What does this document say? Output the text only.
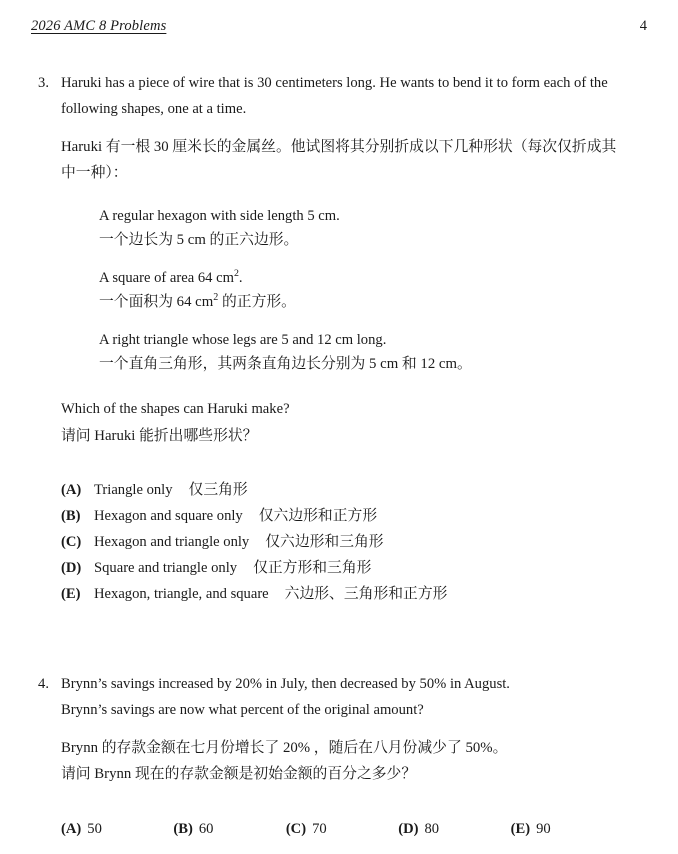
2026 AMC 8 Problems	4
3. Haruki has a piece of wire that is 30 centimeters long. He wants to bend it to form each of the following shapes, one at a time.

Haruki 有一根 30 厘米长的金属丝。他试图将其分别折成以下几种形状（每次仅折成其中一种）：

A regular hexagon with side length 5 cm.
一个边长为 5 cm 的正六边形。
A square of area 64 $cm^2$.
一个面积为 64 $cm^2$ 的正方形。
A right triangle whose legs are 5 and 12 cm long.
一个直角三角形，其两条直角边长分别为 5 cm 和 12 cm。
Which of the shapes can Haruki make?
请问 Haruki 能折出哪些形状？
(A) Triangle only 仅三角形
(B) Hexagon and square only 仅六边形和正方形
(C) Hexagon and triangle only 仅六边形和三角形
(D) Square and triangle only 仅正方形和三角形
(E) Hexagon, triangle, and square 六边形、三角形和正方形
4. Brynn’s savings increased by 20% in July, then decreased by 50% in August.
Brynn’s savings are now what percent of the original amount?
Brynn 的存款金额在七月份增长了 20% ，随后在八月份减少了 50%。
请问 Brynn 现在的存款金额是初始金额的百分之多少？
(A) 50	(B) 60	(C) 70	(D) 80	(E) 90
